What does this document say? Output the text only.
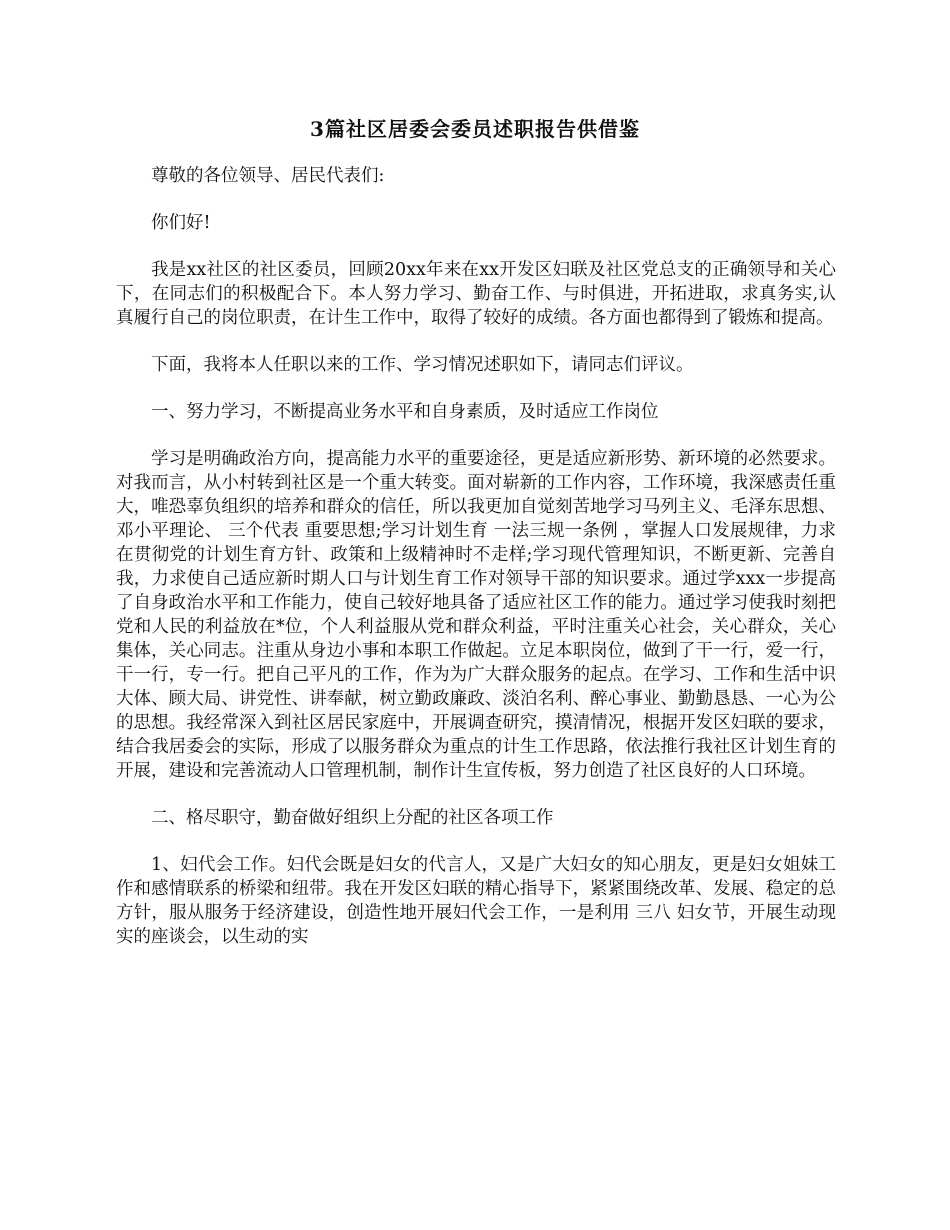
3篇社区居委会委员述职报告供借鉴

尊敬的各位领导、居民代表们:

你们好!

我是xx社区的社区委员，回顾20xx年来在xx开发区妇联及社区党总支的正确领导和关心下，在同志们的积极配合下。本人努力学习、勤奋工作、与时俱进，开拓进取，求真务实,认真履行自己的岗位职责，在计生工作中，取得了较好的成绩。各方面也都得到了锻炼和提高。

下面，我将本人任职以来的工作、学习情况述职如下，请同志们评议。

一、努力学习，不断提高业务水平和自身素质，及时适应工作岗位

学习是明确政治方向，提高能力水平的重要途径，更是适应新形势、新环境的必然要求。对我而言，从小村转到社区是一个重大转变。面对崭新的工作内容，工作环境，我深感责任重大，唯恐辜负组织的培养和群众的信任，所以我更加自觉刻苦地学习马列主义、毛泽东思想、邓小平理论、 三个代表 重要思想;学习计划生育 一法三规一条例 ，掌握人口发展规律，力求在贯彻党的计划生育方针、政策和上级精神时不走样;学习现代管理知识，不断更新、完善自我，力求使自己适应新时期人口与计划生育工作对领导干部的知识要求。通过学xxx一步提高了自身政治水平和工作能力，使自己较好地具备了适应社区工作的能力。通过学习使我时刻把党和人民的利益放在*位，个人利益服从党和群众利益，平时注重关心社会，关心群众，关心集体，关心同志。注重从身边小事和本职工作做起。立足本职岗位，做到了干一行，爱一行，干一行，专一行。把自己平凡的工作，作为为广大群众服务的起点。在学习、工作和生活中识大体、顾大局、讲党性、讲奉献，树立勤政廉政、淡泊名利、醉心事业、勤勤恳恳、一心为公的思想。我经常深入到社区居民家庭中，开展调查研究，摸清情况，根据开发区妇联的要求，结合我居委会的实际，形成了以服务群众为重点的计生工作思路，依法推行我社区计划生育的开展，建设和完善流动人口管理机制，制作计生宣传板，努力创造了社区良好的人口环境。

二、格尽职守，勤奋做好组织上分配的社区各项工作

1、妇代会工作。妇代会既是妇女的代言人，又是广大妇女的知心朋友，更是妇女姐妹工作和感情联系的桥梁和纽带。我在开发区妇联的精心指导下，紧紧围绕改革、发展、稳定的总方针，服从服务于经济建设，创造性地开展妇代会工作，一是利用 三八 妇女节，开展生动现实的座谈会，以生动的实
